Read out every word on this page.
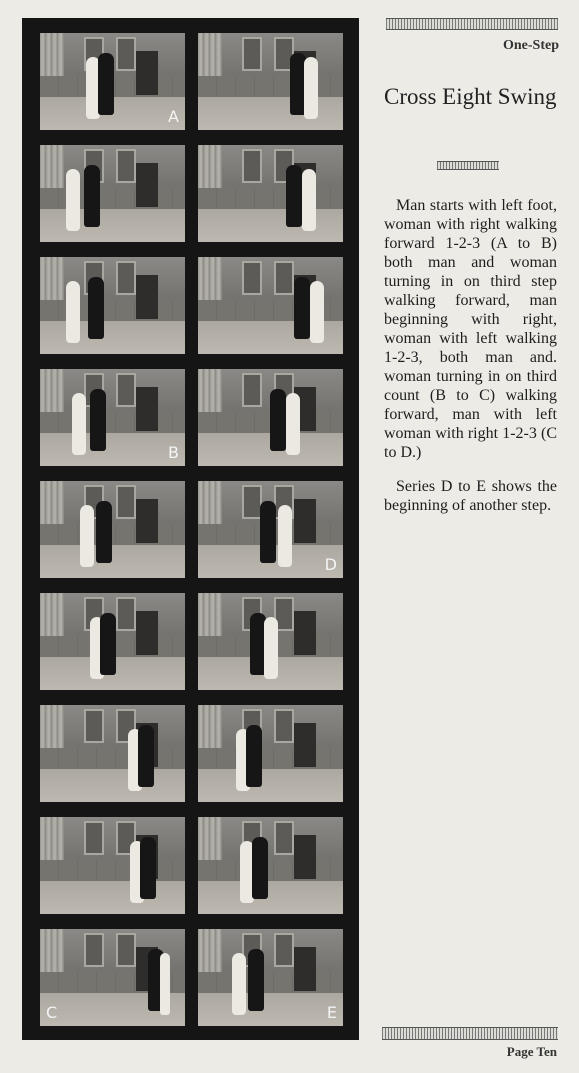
A
B
D
C	E
One-Step
Cross Eight Swing

Man starts with left foot, woman with right walking forward 1-2-3 (A to B) both man and woman turning in on third step walking forward, man beginning with right, woman with left walking 1-2-3, both man and. woman turning in on third count (B to C) walking forward, man with left woman with right 1-2-3 (C to D.)

Series D to E shows the beginning of another step.

Page Ten
